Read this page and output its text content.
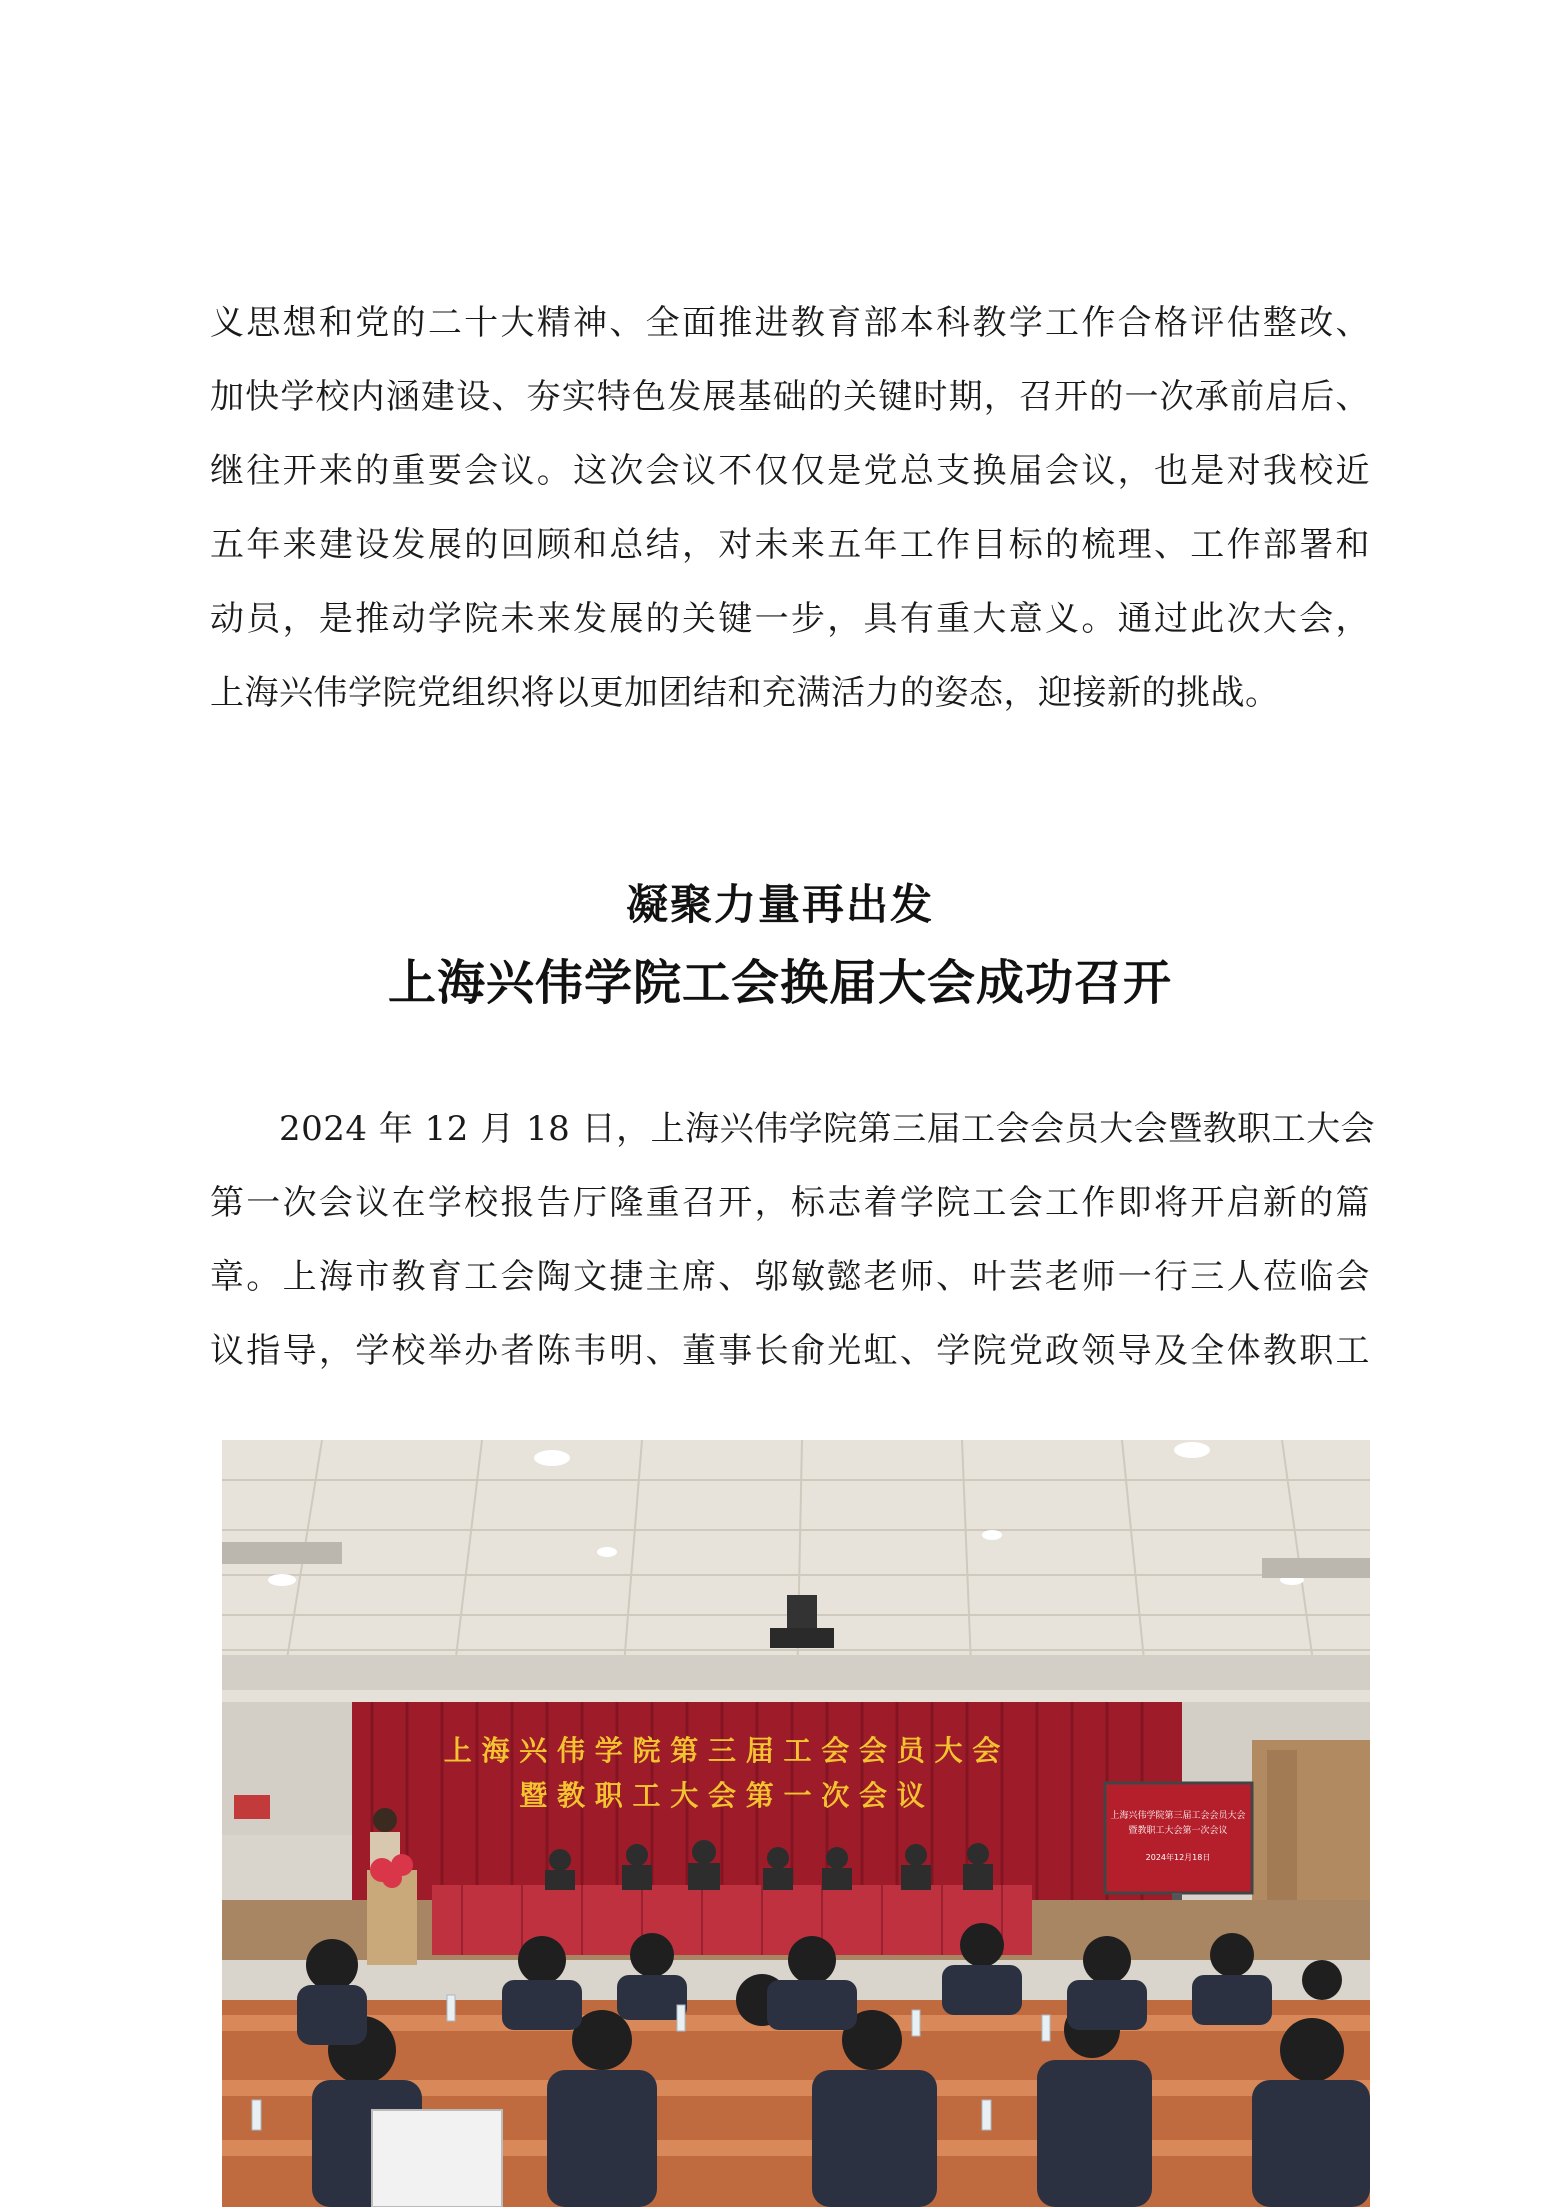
义思想和党的二十大精神、全面推进教育部本科教学工作合格评估整改、
加快学校内涵建设、夯实特色发展基础的关键时期，召开的一次承前启后、
继往开来的重要会议。这次会议不仅仅是党总支换届会议，也是对我校近
五年来建设发展的回顾和总结，对未来五年工作目标的梳理、工作部署和
动员，是推动学院未来发展的关键一步，具有重大意义。通过此次大会，
上海兴伟学院党组织将以更加团结和充满活力的姿态，迎接新的挑战。
凝聚力量再出发
上海兴伟学院工会换届大会成功召开
　　2024 年 12 月 18 日，上海兴伟学院第三届工会会员大会暨教职工大会
第一次会议在学校报告厅隆重召开，标志着学院工会工作即将开启新的篇
章。上海市教育工会陶文捷主席、邬敏懿老师、叶芸老师一行三人莅临会
议指导，学校举办者陈韦明、董事长俞光虹、学院党政领导及全体教职工
上 海 兴 伟 学 院 第 三 届 工 会 会 员 大 会
暨 教 职 工 大 会 第 一 次 会 议
上海兴伟学院第三届工会会员大会
暨教职工大会第一次会议
2024年12月18日
